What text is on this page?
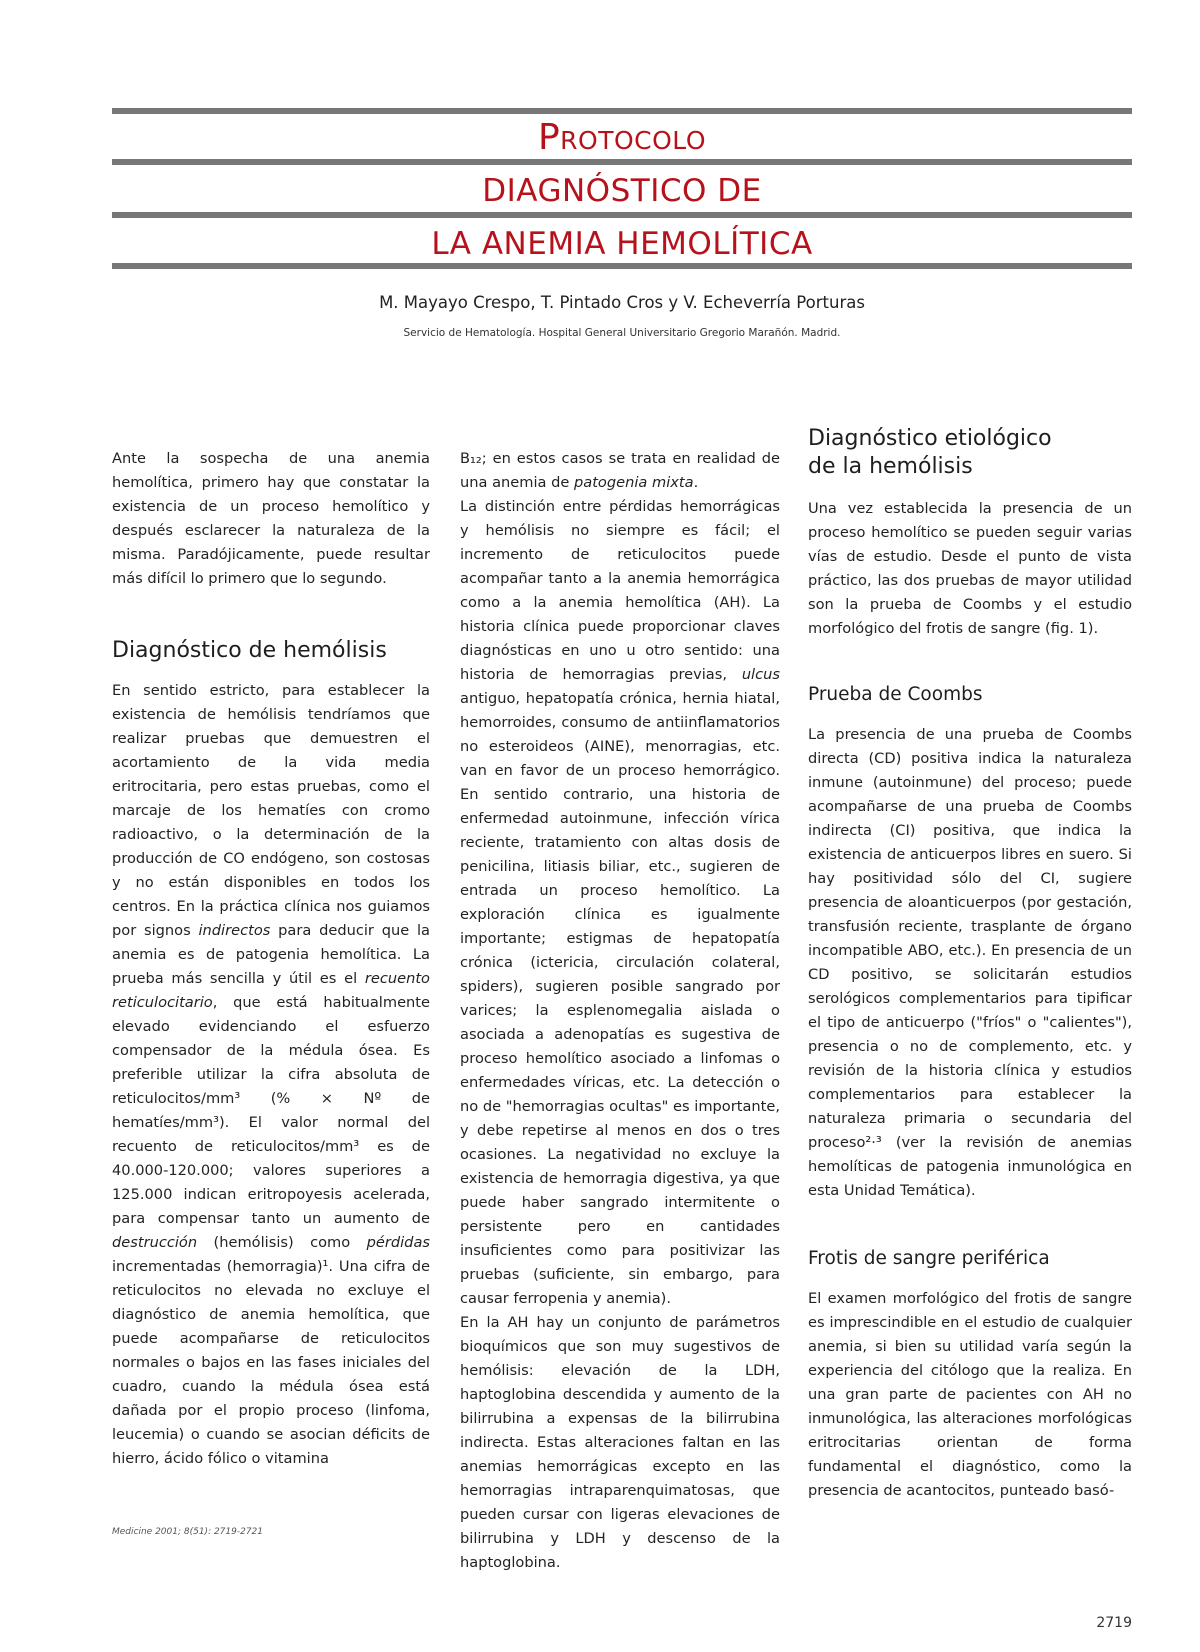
Protocolo
DIAGNÓSTICO DE
LA ANEMIA HEMOLÍTICA
M. Mayayo Crespo, T. Pintado Cros y V. Echeverría Porturas
Servicio de Hematología. Hospital General Universitario Gregorio Marañón. Madrid.

Ante la sospecha de una anemia hemolítica, primero hay que constatar la existencia de un proceso hemolítico y después esclarecer la naturaleza de la misma. Paradójicamente, puede resultar más difícil lo primero que lo segundo.

Diagnóstico de hemólisis

En sentido estricto, para establecer la existencia de hemólisis tendríamos que realizar pruebas que demuestren el acortamiento de la vida media eritrocitaria, pero estas pruebas, como el marcaje de los hematíes con cromo radioactivo, o la determinación de la producción de CO endógeno, son costosas y no están disponibles en todos los centros. En la práctica clínica nos guiamos por signos indirectos para deducir que la anemia es de patogenia hemolítica. La prueba más sencilla y útil es el recuento reticulocitario, que está habitualmente elevado evidenciando el esfuerzo compensador de la médula ósea. Es preferible utilizar la cifra absoluta de reticulocitos/mm³ (% × Nº de hematíes/mm³). El valor normal del recuento de reticulocitos/mm³ es de 40.000-120.000; valores superiores a 125.000 indican eritropoyesis acelerada, para compensar tanto un aumento de destrucción (hemólisis) como pérdidas incrementadas (hemorragia)¹. Una cifra de reticulocitos no elevada no excluye el diagnóstico de anemia hemolítica, que puede acompañarse de reticulocitos normales o bajos en las fases iniciales del cuadro, cuando la médula ósea está dañada por el propio proceso (linfoma, leucemia) o cuando se asocian déficits de hierro, ácido fólico o vitamina

B₁₂; en estos casos se trata en realidad de una anemia de patogenia mixta.

La distinción entre pérdidas hemorrágicas y hemólisis no siempre es fácil; el incremento de reticulocitos puede acompañar tanto a la anemia hemorrágica como a la anemia hemolítica (AH). La historia clínica puede proporcionar claves diagnósticas en uno u otro sentido: una historia de hemorragias previas, ulcus antiguo, hepatopatía crónica, hernia hiatal, hemorroides, consumo de antiinflamatorios no esteroideos (AINE), menorragias, etc. van en favor de un proceso hemorrágico. En sentido contrario, una historia de enfermedad autoinmune, infección vírica reciente, tratamiento con altas dosis de penicilina, litiasis biliar, etc., sugieren de entrada un proceso hemolítico. La exploración clínica es igualmente importante; estigmas de hepatopatía crónica (ictericia, circulación colateral, spiders), sugieren posible sangrado por varices; la esplenomegalia aislada o asociada a adenopatías es sugestiva de proceso hemolítico asociado a linfomas o enfermedades víricas, etc. La detección o no de "hemorragias ocultas" es importante, y debe repetirse al menos en dos o tres ocasiones. La negatividad no excluye la existencia de hemorragia digestiva, ya que puede haber sangrado intermitente o persistente pero en cantidades insuficientes como para positivizar las pruebas (suficiente, sin embargo, para causar ferropenia y anemia).

En la AH hay un conjunto de parámetros bioquímicos que son muy sugestivos de hemólisis: elevación de la LDH, haptoglobina descendida y aumento de la bilirrubina a expensas de la bilirrubina indirecta. Estas alteraciones faltan en las anemias hemorrágicas excepto en las hemorragias intraparenquimatosas, que pueden cursar con ligeras elevaciones de bilirrubina y LDH y descenso de la haptoglobina.

Diagnóstico etiológico
de la hemólisis

Una vez establecida la presencia de un proceso hemolítico se pueden seguir varias vías de estudio. Desde el punto de vista práctico, las dos pruebas de mayor utilidad son la prueba de Coombs y el estudio morfológico del frotis de sangre (fig. 1).

Prueba de Coombs

La presencia de una prueba de Coombs directa (CD) positiva indica la naturaleza inmune (autoinmune) del proceso; puede acompañarse de una prueba de Coombs indirecta (CI) positiva, que indica la existencia de anticuerpos libres en suero. Si hay positividad sólo del CI, sugiere presencia de aloanticuerpos (por gestación, transfusión reciente, trasplante de órgano incompatible ABO, etc.). En presencia de un CD positivo, se solicitarán estudios serológicos complementarios para tipificar el tipo de anticuerpo ("fríos" o "calientes"), presencia o no de complemento, etc. y revisión de la historia clínica y estudios complementarios para establecer la naturaleza primaria o secundaria del proceso²·³ (ver la revisión de anemias hemolíticas de patogenia inmunológica en esta Unidad Temática).

Frotis de sangre periférica

El examen morfológico del frotis de sangre es imprescindible en el estudio de cualquier anemia, si bien su utilidad varía según la experiencia del citólogo que la realiza. En una gran parte de pacientes con AH no inmunológica, las alteraciones morfológicas eritrocitarias orientan de forma fundamental el diagnóstico, como la presencia de acantocitos, punteado basó-

Medicine 2001; 8(51): 2719-2721
2719
